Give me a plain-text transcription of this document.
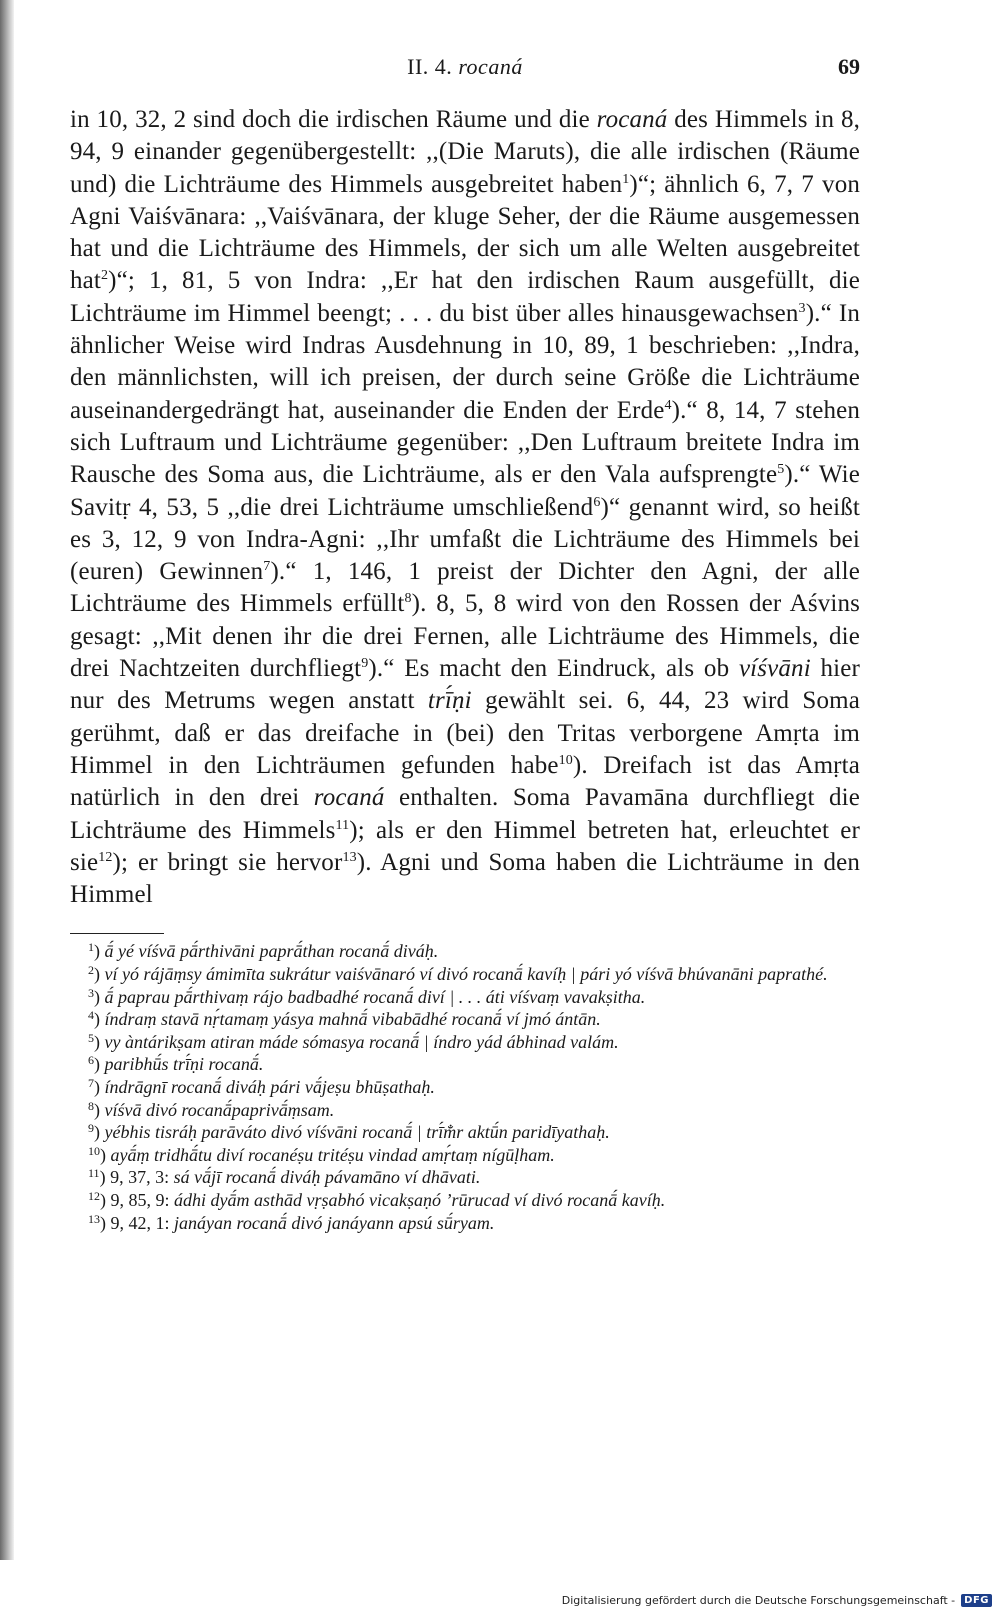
II. 4. rocaná	69
in 10, 32, 2 sind doch die irdischen Räume und die rocaná des Himmels in 8, 94, 9 einander gegenübergestellt: ,,(Die Maruts), die alle irdischen (Räume und) die Lichträume des Himmels ausgebreitet haben$^1$)“; ähnlich 6, 7, 7 von Agni Vaiśvānara: ,,Vaiśvānara, der kluge Seher, der die Räume ausgemessen hat und die Lichträume des Himmels, der sich um alle Welten ausgebreitet hat$^2$)“; 1, 81, 5 von Indra: ,,Er hat den irdischen Raum ausgefüllt, die Lichträume im Himmel beengt; . . . du bist über alles hinausgewachsen$^3$).“ In ähnlicher Weise wird Indras Ausdehnung in 10, 89, 1 beschrieben: ,,Indra, den männlichsten, will ich preisen, der durch seine Größe die Lichträume auseinandergedrängt hat, auseinander die Enden der Erde$^4$).“ 8, 14, 7 stehen sich Luftraum und Lichträume gegenüber: ,,Den Luftraum breitete Indra im Rausche des Soma aus, die Lichträume, als er den Vala aufsprengte$^5$).“ Wie Savitṛ 4, 53, 5 ,,die drei Lichträume umschließend$^6$)“ genannt wird, so heißt es 3, 12, 9 von Indra-Agni: ,,Ihr umfaßt die Lichträume des Himmels bei (euren) Gewinnen$^7$).“ 1, 146, 1 preist der Dichter den Agni, der alle Lichträume des Himmels erfüllt$^8$). 8, 5, 8 wird von den Rossen der Aśvins gesagt: ,,Mit denen ihr die drei Fernen, alle Lichträume des Himmels, die drei Nachtzeiten durchfliegt$^9$).“ Es macht den Eindruck, als ob víśvāni hier nur des Metrums wegen anstatt trī́ṇi gewählt sei. 6, 44, 23 wird Soma gerühmt, daß er das dreifache in (bei) den Tritas verborgene Amṛta im Himmel in den Lichträumen gefunden habe$^{10}$). Dreifach ist das Amṛta natürlich in den drei rocaná enthalten. Soma Pavamāna durchfliegt die Lichträume des Himmels$^{11}$); als er den Himmel betreten hat, erleuchtet er sie$^{12}$); er bringt sie hervor$^{13}$). Agni und Soma haben die Lichträume in den Himmel
$^1$) ā́ yé víśvā pā́rthivāni paprā́than rocanā́ diváḥ.
$^2$) ví yó rájāṃsy ámimīta sukrátur vaiśvānaró ví divó rocanā́ kavíḥ | pári yó víśvā bhúvanāni paprathé.
$^3$) ā́ paprau pā́rthivaṃ rájo badbadhé rocanā́ diví | . . . áti víśvaṃ vavakṣitha.
$^4$) índraṃ stavā nṛ́tamaṃ yásya mahnā́ vibabādhé rocanā́ ví jmó ántān.
$^5$) vy àntárikṣam atiran máde sómasya rocanā́ | índro yád ábhinad valám.
$^6$) paribhū́s trī́ṇi rocanā́.
$^7$) índrāgnī rocanā́ diváḥ pári vā́jeṣu bhūṣathaḥ.
$^8$) víśvā divó rocanā́paprivā́ṃsam.
$^9$) yébhis tisráḥ parāváto divó víśvāni rocanā́ | trī́m̐r aktū́n paridīyathaḥ.
$^{10}$) ayā́ṃ tridhā́tu diví rocanéṣu tritéṣu vindad amṛ́taṃ nígūḷham.
$^{11}$) 9, 37, 3: sá vā́jī rocanā́ diváḥ pávamāno ví dhāvati.
$^{12}$) 9, 85, 9: ádhi dyā́m asthād vṛṣabhó vicakṣaṇó ’rūrucad ví divó rocanā́ kavíḥ.
$^{13}$) 9, 42, 1: janáyan rocanā́ divó janáyann apsú sū́ryam.
Digitalisierung gefördert durch die Deutsche Forschungsgemeinschaft - DFG
